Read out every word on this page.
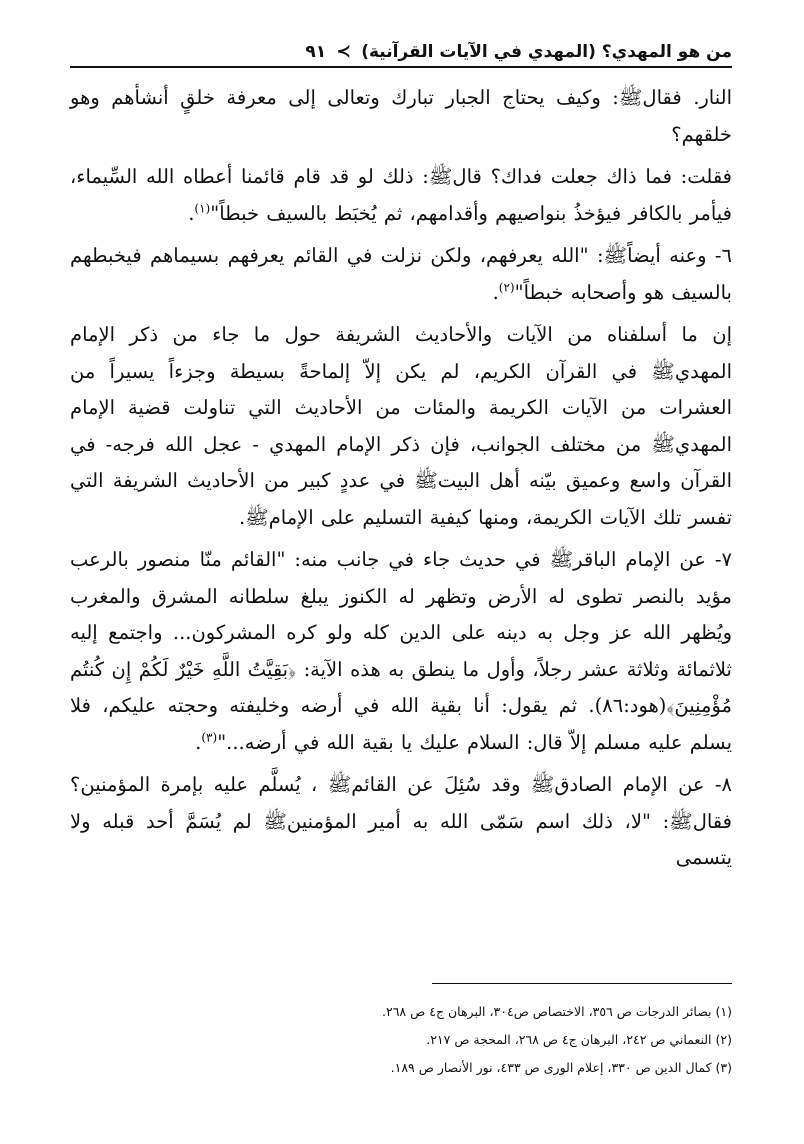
من هو المهدي؟ (المهدي في الآيات القرآنية)
≻
٩١

النار. فقالﷺ: وكيف يحتاج الجبار تبارك وتعالى إلى معرفة خلقٍ أنشأهم وهو خلقهم؟

فقلت: فما ذاك جعلت فداك؟ قالﷺ: ذلك لو قد قام قائمنا أعطاه الله السِّيماء، فيأمر بالكافر فيؤخذُ بنواصيهم وأقدامهم، ثم يُخبَط بالسيف خبطاً"$^{(١)}$.

٦- وعنه أيضاًﷺ: "الله يعرفهم، ولكن نزلت في القائم يعرفهم بسيماهم فيخبطهم بالسيف هو وأصحابه خبطاً"$^{(٢)}$.

إن ما أسلفناه من الآيات والأحاديث الشريفة حول ما جاء من ذكر الإمام المهديﷺ في القرآن الكريم، لم يكن إلاّ إلماحةً بسيطة وجزءاً يسيراً من العشرات من الآيات الكريمة والمئات من الأحاديث التي تناولت قضية الإمام المهديﷺ من مختلف الجوانب، فإن ذكر الإمام المهدي - عجل الله فرجه- في القرآن واسع وعميق بيّنه أهل البيتﷺ في عددٍ كبير من الأحاديث الشريفة التي تفسر تلك الآيات الكريمة، ومنها كيفية التسليم على الإمامﷺ.

٧- عن الإمام الباقرﷺ في حديث جاء في جانب منه: "القائم منّا منصور بالرعب مؤيد بالنصر تطوى له الأرض وتظهر له الكنوز يبلغ سلطانه المشرق والمغرب ويُظهر الله عز وجل به دينه على الدين كله ولو كره المشركون... واجتمع إليه ثلاثمائة وثلاثة عشر رجلاً، وأول ما ينطق به هذه الآية: ﴿بَقِيَّتُ اللَّهِ خَيْرٌ لَكُمْ إِن كُنتُم مُؤْمِنِينَ﴾(هود:٨٦). ثم يقول: أنا بقية الله في أرضه وخليفته وحجته عليكم، فلا يسلم عليه مسلم إلاّ قال: السلام عليك يا بقية الله في أرضه..."$^{(٣)}$.

٨- عن الإمام الصادقﷺ وقد سُئِلَ عن القائمﷺ ، يُسلَّم عليه بإمرة المؤمنين؟ فقالﷺ: "لا، ذلك اسم سَمّى الله به أمير المؤمنينﷺ لم يُسَمَّ أحد قبله ولا يتسمى

(١) بصائر الدرجات ص ٣٥٦، الاختصاص ص٣٠٤، البرهان ج٤ ص ٢٦٨.

(٢) النعماني ص ٢٤٢، البرهان ج٤ ص ٢٦٨، المحجة ص ٢١٧.

(٣) كمال الدين ص ٣٣٠، إعلام الورى ص ٤٣٣، نور الأنصار ص ١٨٩.
